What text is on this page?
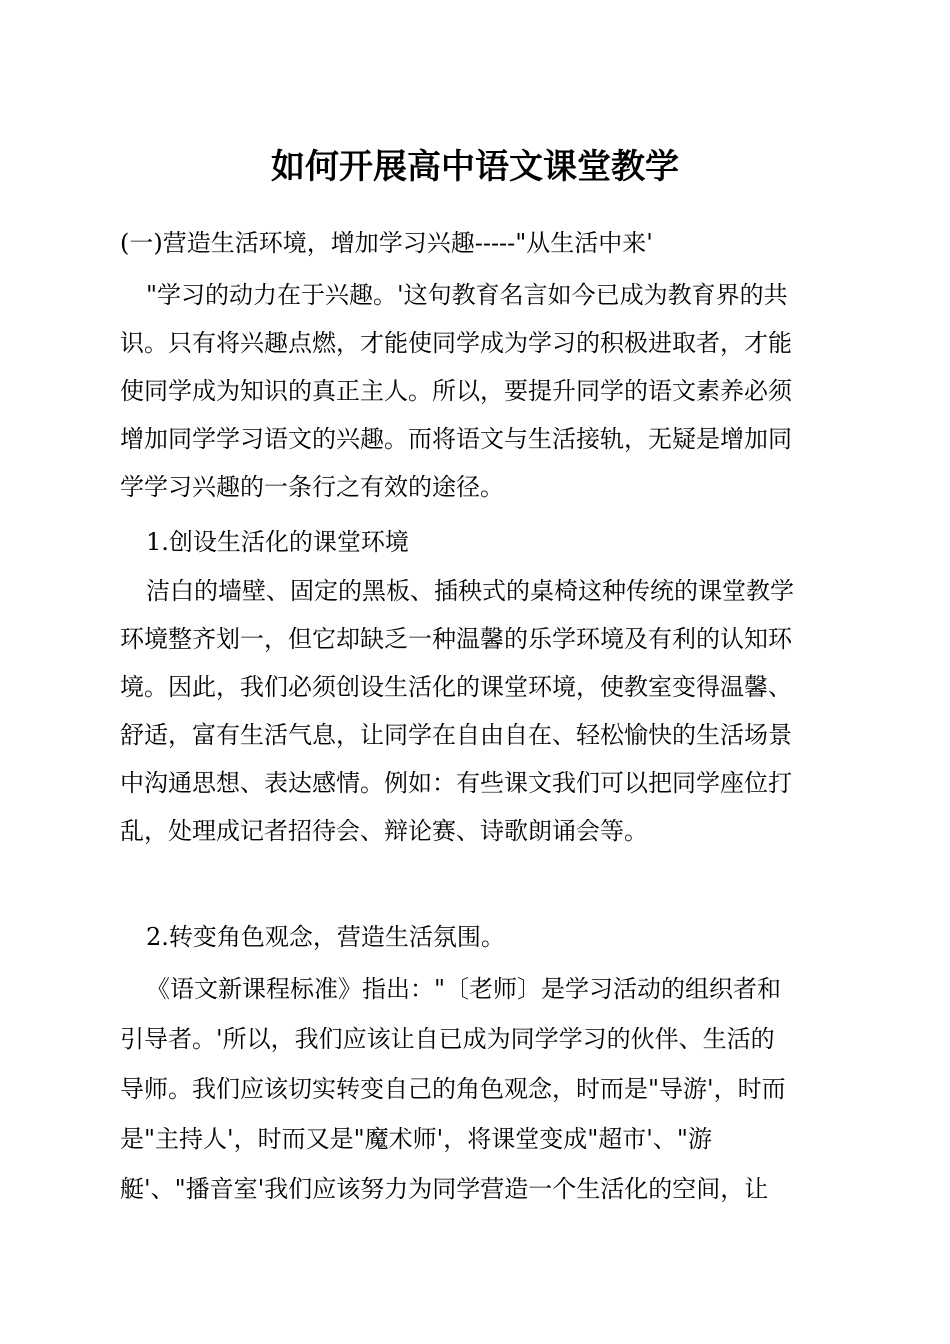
如何开展高中语文课堂教学
(一)营造生活环境，增加学习兴趣-----"从生活中来'
"学习的动力在于兴趣。'这句教育名言如今已成为教育界的共
识。只有将兴趣点燃，才能使同学成为学习的积极进取者，才能
使同学成为知识的真正主人。所以，要提升同学的语文素养必须
增加同学学习语文的兴趣。而将语文与生活接轨，无疑是增加同
学学习兴趣的一条行之有效的途径。
1.创设生活化的课堂环境
洁白的墙壁、固定的黑板、插秧式的桌椅这种传统的课堂教学
环境整齐划一，但它却缺乏一种温馨的乐学环境及有利的认知环
境。因此，我们必须创设生活化的课堂环境，使教室变得温馨、
舒适，富有生活气息，让同学在自由自在、轻松愉快的生活场景
中沟通思想、表达感情。例如：有些课文我们可以把同学座位打
乱，处理成记者招待会、辩论赛、诗歌朗诵会等。
2.转变角色观念，营造生活氛围。
《语文新课程标准》指出："〔老师〕是学习活动的组织者和
引导者。'所以，我们应该让自已成为同学学习的伙伴、生活的
导师。我们应该切实转变自己的角色观念，时而是"导游'，时而
是"主持人'，时而又是"魔术师'，将课堂变成"超市'、"游
艇'、"播音室'我们应该努力为同学营造一个生活化的空间，让
